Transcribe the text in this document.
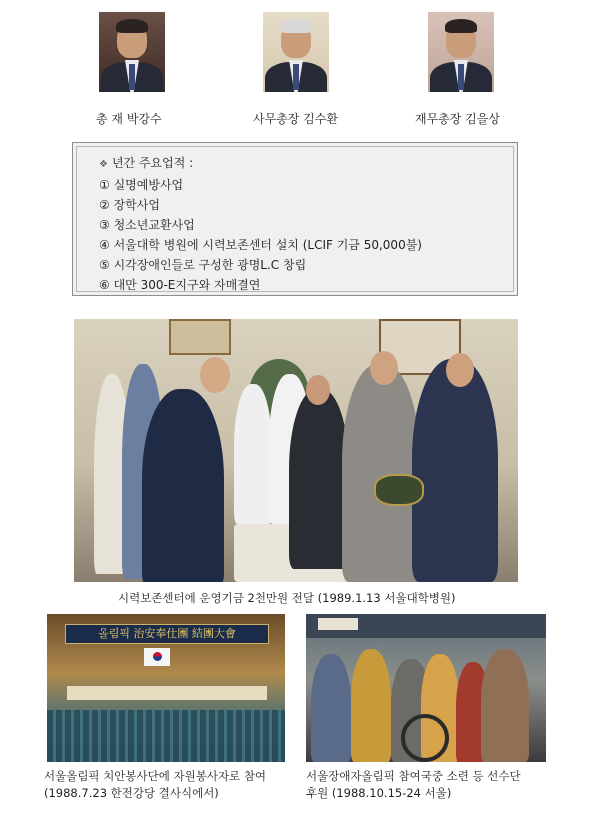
총 재 박강수	사무총장 김수환	재무총장 김을상
❖ 년간 주요업적 :
① 실명예방사업
② 장학사업
③ 청소년교환사업
④ 서울대학 병원에 시력보존센터 설치 (LCIF 기금 50,000불)
⑤ 시각장애인들로 구성한 광명L.C 창립
⑥ 대만 300-E지구와 자매결연
시력보존센터에 운영기금 2천만원 전달 (1989.1.13 서울대학병원)
올림픽 治安奉仕團 結團大會
서울올림픽 치안봉사단에 자원봉사자로 참여
(1988.7.23 한전강당 결사식에서)
서울장애자올림픽 참여국중 소련 등 선수단
후원 (1988.10.15-24 서울)
